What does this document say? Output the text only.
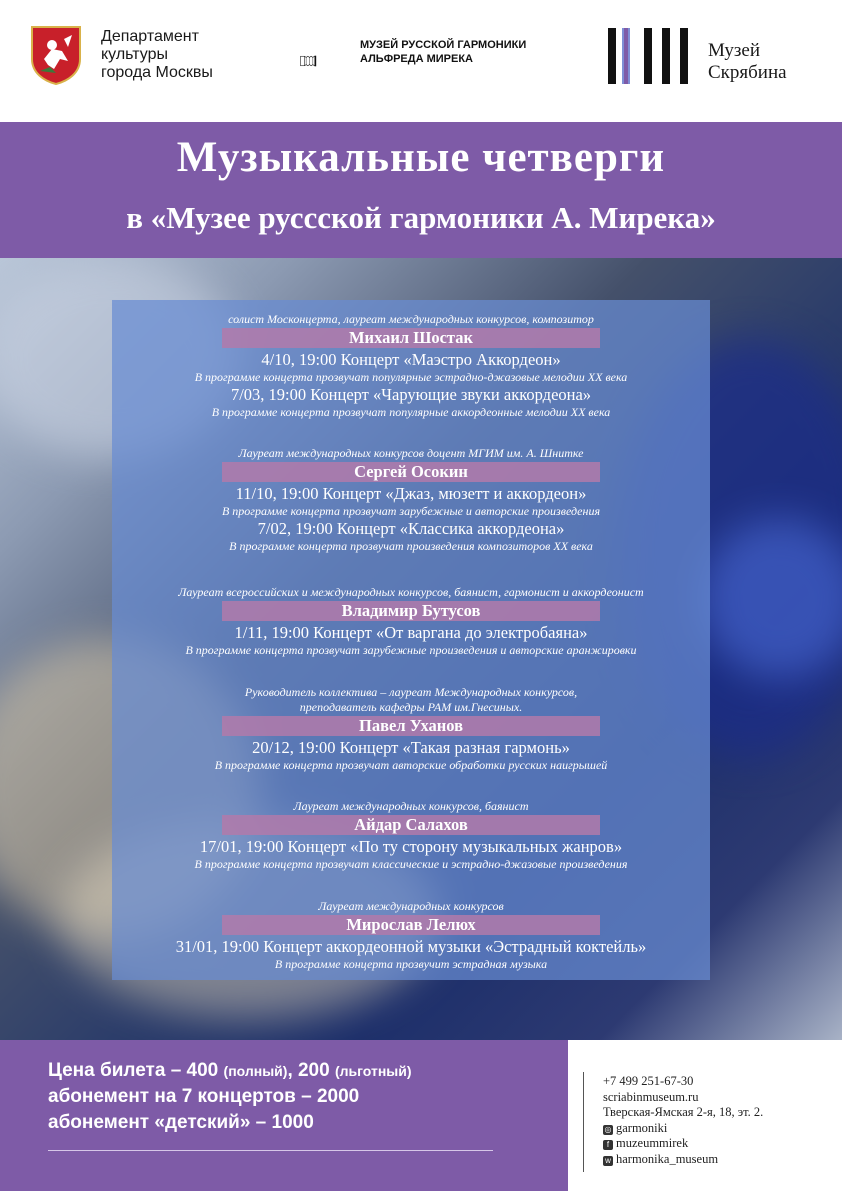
Департамент
культуры
города Москвы
МУЗЕЙ РУССКОЙ ГАРМОНИКИ
АЛЬФРЕДА МИРЕКА	Музей
Скрябина
Музыкальные четверги
в «Музее руссской гармоники А. Мирека»
солист Москонцерта, лауреат международных конкурсов, композитор
Михаил Шостак
4/10, 19:00 Концерт «Маэстро Аккордеон»
В программе концерта прозвучат популярные эстрадно-джазовые мелодии XX века
7/03, 19:00 Концерт «Чарующие звуки аккордеона»
В программе концерта прозвучат популярные аккордеонные мелодии XX века
Лауреат международных конкурсов доцент МГИМ им. А. Шнитке
Сергей Осокин
11/10, 19:00 Концерт «Джаз, мюзетт и аккордеон»
В программе концерта прозвучат зарубежные и авторские произведения
7/02, 19:00 Концерт «Классика аккордеона»
В программе концерта прозвучат произведения композиторов XX века
Лауреат всероссийских и международных конкурсов, баянист, гармонист и аккордеонист
Владимир Бутусов
1/11, 19:00 Концерт «От варгана до электробаяна»
В программе концерта прозвучат зарубежные произведения и авторские аранжировки
Руководитель коллектива – лауреат Международных конкурсов,
преподаватель кафедры РАМ им.Гнесиных.
Павел Уханов
20/12, 19:00 Концерт «Такая разная гармонь»
В программе концерта прозвучат авторские обработки русских наигрышей
Лауреат международных конкурсов, баянист
Айдар Салахов
17/01, 19:00 Концерт «По ту сторону музыкальных жанров»
В программе концерта прозвучат классические и эстрадно-джазовые произведения
Лауреат международных конкурсов
Мирослав Лелюх
31/01, 19:00 Концерт аккордеонной музыки «Эстрадный коктейль»
В программе концерта прозвучит эстрадная музыка
Цена билета – 400 (полный), 200 (льготный)
абонемент на 7 концертов – 2000
абонемент «детский» – 1000
+7 499 251-67-30
scriabinmuseum.ru
Тверская-Ямская 2-я, 18, эт. 2.
◎ garmoniki
f muzeummirek
w harmonika_museum
